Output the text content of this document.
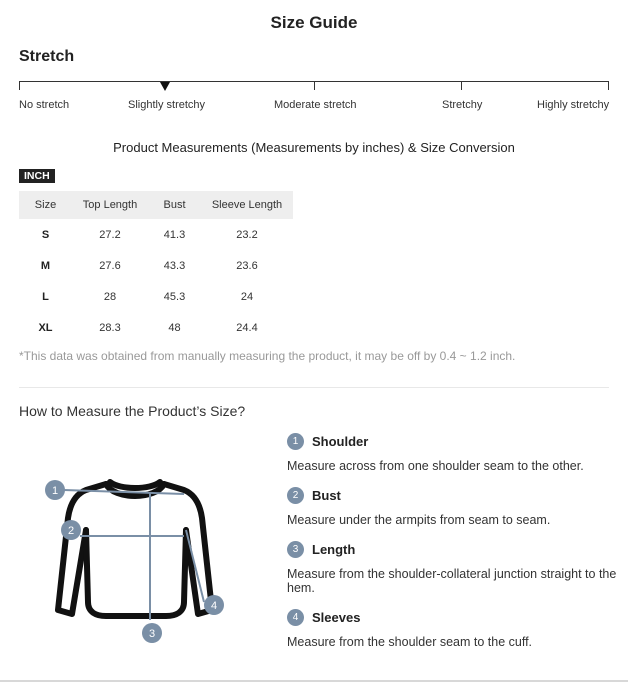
Size Guide
Stretch
No stretch	Slightly stretchy	Moderate stretch	Stretchy	Highly stretchy
Product Measurements (Measurements by inches) & Size Conversion
INCH
Size	Top Length	Bust	Sleeve Length
S	27.2	41.3	23.2
M	27.6	43.3	23.6
L	28	45.3	24
XL	28.3	48	24.4
*This data was obtained from manually measuring the product, it may be off by 0.4 ~ 1.2 inch.
How to Measure the Product’s Size?
1
2
3
4
1	Shoulder
Measure across from one shoulder seam to the other.
2	Bust
Measure under the armpits from seam to seam.
3	Length
Measure from the shoulder-collateral junction straight to the hem.
4	Sleeves
Measure from the shoulder seam to the cuff.
